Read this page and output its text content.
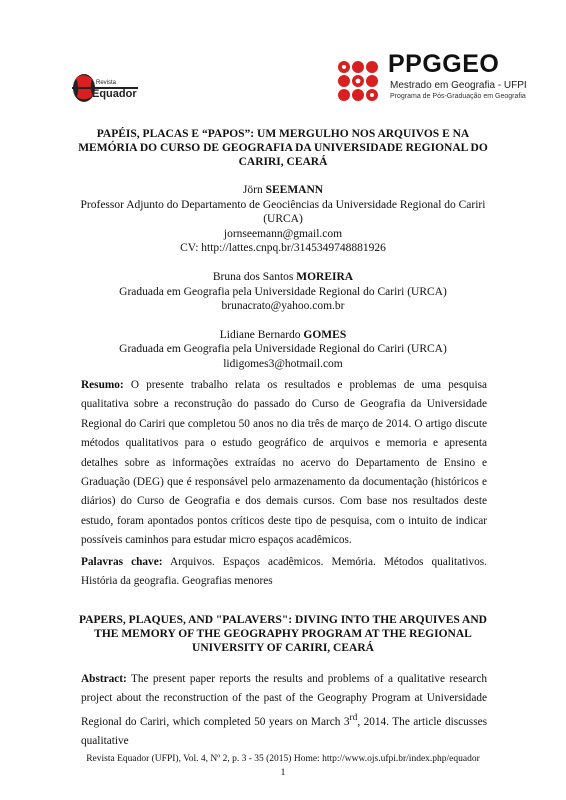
Revista
Equador
PPGGEO
Mestrado em Geografia - UFPI
Programa de Pós-Graduação em Geografia
PAPÉIS, PLACAS E “PAPOS”: UM MERGULHO NOS ARQUIVOS E NA MEMÓRIA DO CURSO DE GEOGRAFIA DA UNIVERSIDADE REGIONAL DO CARIRI, CEARÁ
Jörn SEEMANN
Professor Adjunto do Departamento de Geociências da Universidade Regional do Cariri (URCA)
jornseemann@gmail.com
CV: http://lattes.cnpq.br/3145349748881926
Bruna dos Santos MOREIRA
Graduada em Geografia pela Universidade Regional do Cariri (URCA)
brunacrato@yahoo.com.br
Lidiane Bernardo GOMES
Graduada em Geografia pela Universidade Regional do Cariri (URCA)
lidigomes3@hotmail.com

Resumo: O presente trabalho relata os resultados e problemas de uma pesquisa qualitativa sobre a reconstrução do passado do Curso de Geografia da Universidade Regional do Cariri que completou 50 anos no dia três de março de 2014. O artigo discute métodos qualitativos para o estudo geográfico de arquivos e memoria e apresenta detalhes sobre as informações extraídas no acervo do Departamento de Ensino e Graduação (DEG) que é responsável pelo armazenamento da documentação (históricos e diários) do Curso de Geografia e dos demais cursos. Com base nos resultados deste estudo, foram apontados pontos críticos deste tipo de pesquisa, com o intuito de indicar possíveis caminhos para estudar micro espaços acadêmicos.

Palavras chave: Arquivos. Espaços acadêmicos. Memória. Métodos qualitativos. História da geografia. Geografias menores

PAPERS, PLAQUES, AND "PALAVERS": DIVING INTO THE ARQUIVES AND THE MEMORY OF THE GEOGRAPHY PROGRAM AT THE REGIONAL UNIVERSITY OF CARIRI, CEARÁ

Abstract: The present paper reports the results and problems of a qualitative research project about the reconstruction of the past of the Geography Program at Universidade Regional do Cariri, which completed 50 years on March 3rd, 2014. The article discusses qualitative

Revista Equador (UFPI), Vol. 4, Nº 2, p. 3 - 35 (2015) Home: http://www.ojs.ufpi.br/index.php/equador
1
